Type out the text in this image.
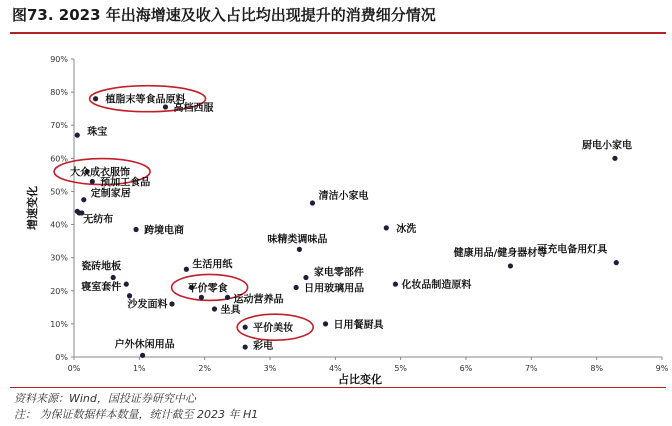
图73. 2023 年出海增速及收入占比均出现提升的消费细分情况
0%	1%	2%	3%	4%	5%	6%	7%	8%	9%
0%
10%
20%
30%
40%
50%
60%
70%
80%
90%
占比变化
增速变化
植脂末等食品原料
高档西服
珠宝
厨电小家电
大众成衣服饰
预加工食品
清洁小家电
定制家居
无纺布
跨境电商	冰洗
味精类调味品
生活用纸
健康用品/健身器材等
可充电备用灯具
瓷砖地板
家电零部件
寝室套件	化妆品制造原料
平价零食	日用玻璃用品
沙发面料	运动营养品
坐具
平价美妆	日用餐厨具
户外休闲用品	彩电
资料来源：Wind，国投证券研究中心
注： 为保证数据样本数量，统计截至 2023 年 H1
